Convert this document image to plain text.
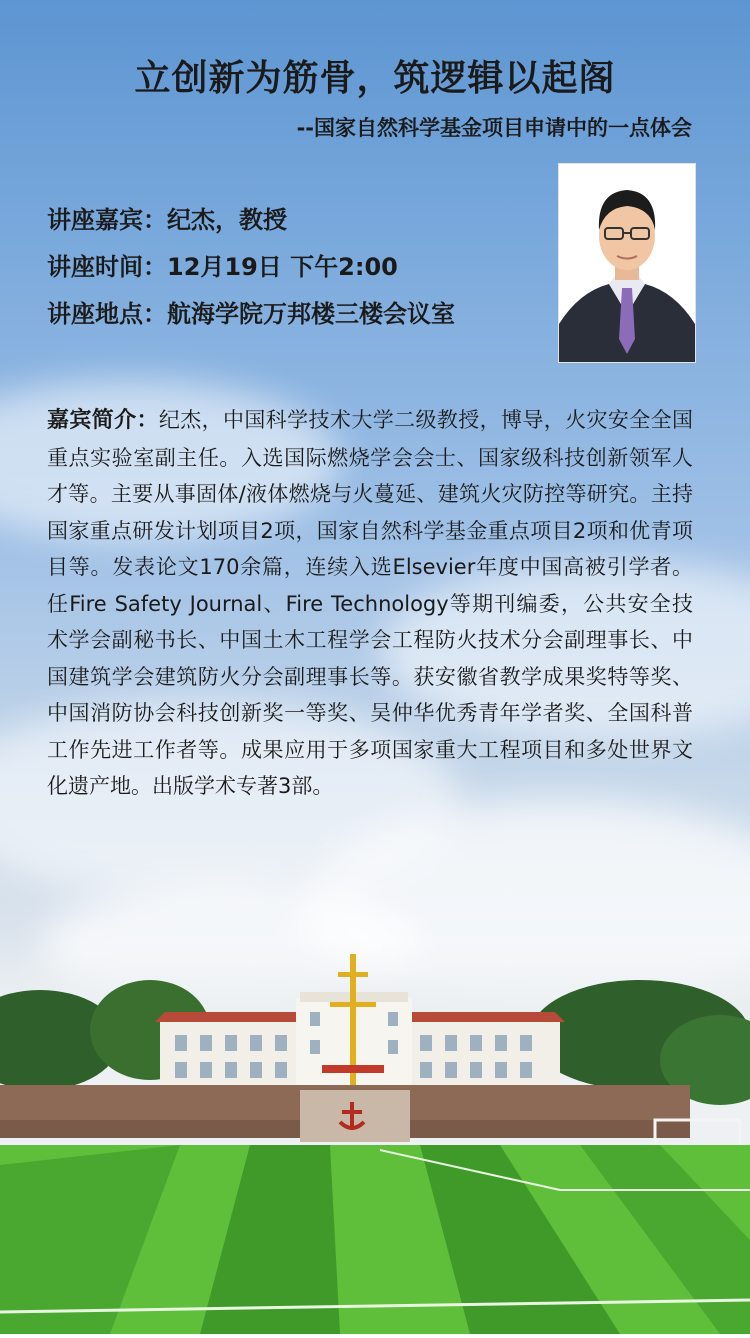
立创新为筋骨，筑逻辑以起阁
--国家自然科学基金项目申请中的一点体会
讲座嘉宾：纪杰，教授
讲座时间：12月19日 下午2:00
讲座地点：航海学院万邦楼三楼会议室
嘉宾简介：纪杰，中国科学技术大学二级教授，博导，火灾安全全国重点实验室副主任。入选国际燃烧学会会士、国家级科技创新领军人才等。主要从事固体/液体燃烧与火蔓延、建筑火灾防控等研究。主持国家重点研发计划项目2项，国家自然科学基金重点项目2项和优青项目等。发表论文170余篇，连续入选Elsevier年度中国高被引学者。任Fire Safety Journal、Fire Technology等期刊编委，公共安全技术学会副秘书长、中国土木工程学会工程防火技术分会副理事长、中国建筑学会建筑防火分会副理事长等。获安徽省教学成果奖特等奖、中国消防协会科技创新奖一等奖、吴仲华优秀青年学者奖、全国科普工作先进工作者等。成果应用于多项国家重大工程项目和多处世界文化遗产地。出版学术专著3部。
